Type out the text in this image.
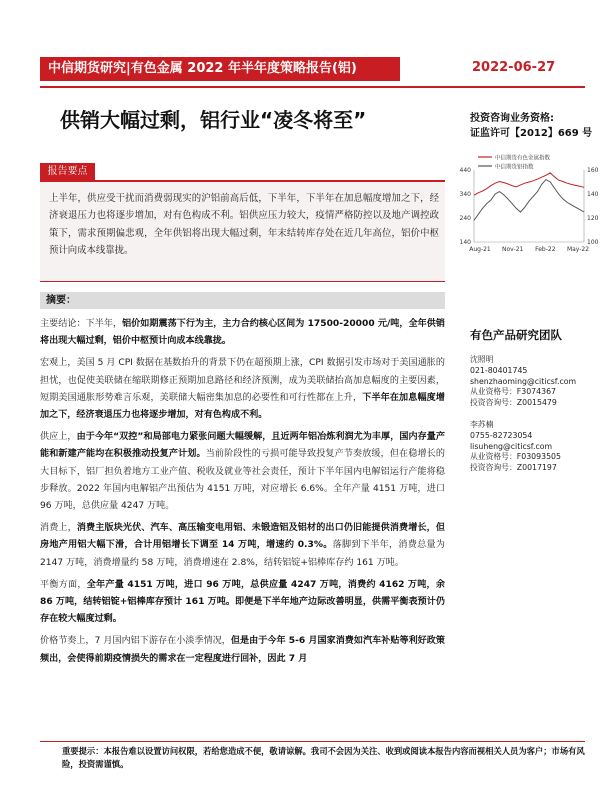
中信期货研究|有色金属 2022 年半年度策略报告(铝)	2022-06-27
供销大幅过剩，铝行业“凌冬将至”	投资咨询业务资格:
证监许可【2012】669 号
报告要点
上半年，供应受干扰而消费弱现实的沪铝前高后低，下半年，下半年在加息幅度增加之下，经济衰退压力也将逐步增加，对有色构成不利。铝供应压力较大，疫情严格防控以及地产调控政策下，需求预期偏悲观，全年供铝将出现大幅过剩，年末结转库存处在近几年高位，铝价中枢预计向成本线靠拢。
中信期货有色金属指数
中信期货铝指数
440
340
240
140
160
140
120
100
Aug-21 Nov-21 Feb-22 May-22
摘要：

主要结论：下半年，铝价如期震荡下行为主，主力合约核心区间为 17500-20000 元/吨，全年供销将出现大幅过剩，铝价中枢预计向成本线靠拢。

宏观上，美国 5 月 CPI 数据在基数抬升的背景下仍在超预期上涨，CPI 数据引发市场对于美国通胀的担忧，也促使美联储在缩联期修正预期加息路径和经济预测，成为美联储抬高加息幅度的主要因素，短期美国通胀形势难言乐观，美联储大幅密集加息的必要性和可行性都在上升，下半年在加息幅度增加之下，经济衰退压力也将逐步增加，对有色构成不利。

供应上，由于今年“双控”和局部电力紧张问题大幅缓解，且近两年铝冶炼利润尤为丰厚，国内存量产能和新建产能均在积极推动投复产计划。当前阶段性的亏损可能导致投复产节奏放缓，但在稳增长的大目标下，铝厂担负着地方工业产值、税收及就业等社会责任，预计下半年国内电解铝运行产能将稳步释放。2022 年国内电解铝产出预估为 4151 万吨，对应增长 6.6%。全年产量 4151 万吨，进口 96 万吨，总供应量 4247 万吨。

消费上，消费主版块光伏、汽车、高压输变电用铝、未锻造铝及铝材的出口仍旧能提供消费增长，但房地产用铝大幅下滑，合计用铝增长下调至 14 万吨，增速约 0.3%。落脚到下半年，消费总量为 2147 万吨，消费增量约 58 万吨，消费增速在 2.8%，结转铝锭+铝棒库存约 161 万吨。

平衡方面，全年产量 4151 万吨，进口 96 万吨，总供应量 4247 万吨，消费约 4162 万吨，余 86 万吨，结转铝锭+铝棒库存预计 161 万吨。即便是下半年地产边际改善明显，供需平衡表预计仍存在较大幅度过剩。

价格节奏上，7 月国内铝下游存在小淡季情况，但是由于今年 5-6 月国家消费如汽车补贴等利好政策频出，会使得前期疫情损失的需求在一定程度进行回补，因此 7 月

有色产品研究团队
沈照明
021-80401745
shenzhaoming@citicsf.com
从业资格号：F3074367
投资咨询号：Z0015479
李苏楠
0755-82723054
lisuheng@citicsf.com
从业资格号：F03093505
投资咨询号：Z0017197
重要提示：本报告难以设置访问权限，若给您造成不便，敬请谅解。我司不会因为关注、收到或阅读本报告内容而视相关人员为客户；市场有风险，投资需谨慎。
